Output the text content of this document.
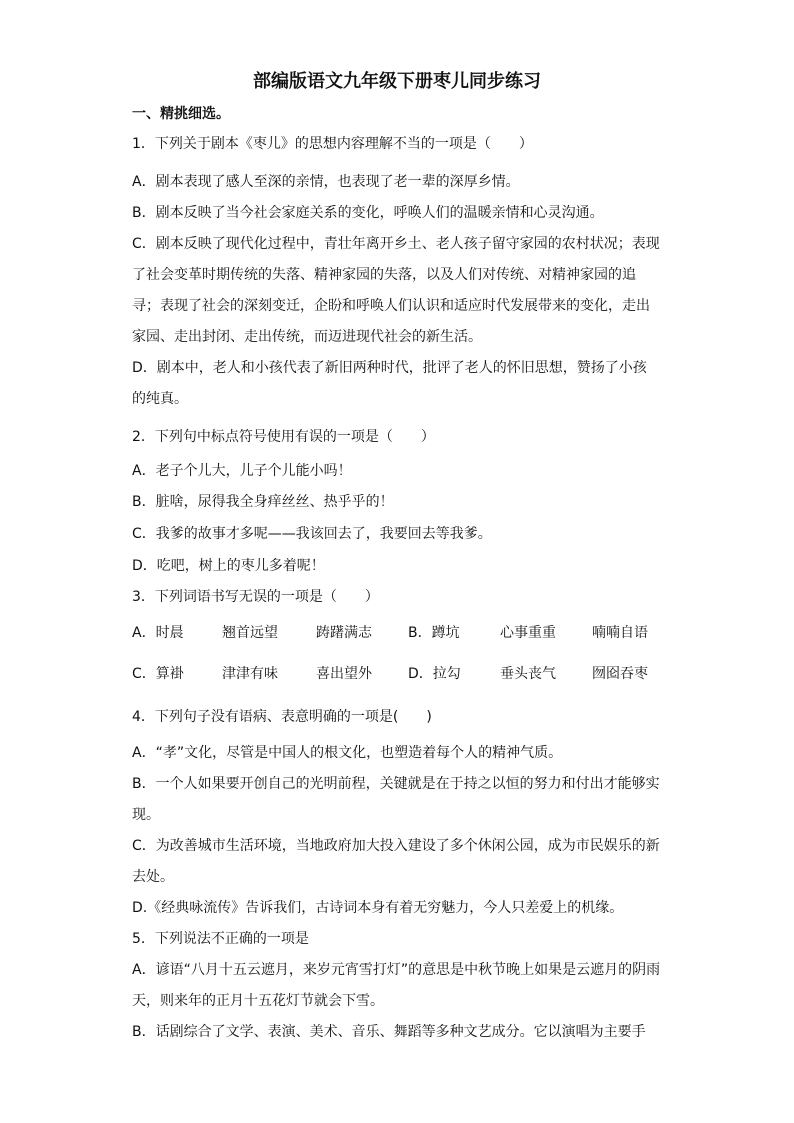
部编版语文九年级下册枣儿同步练习
一、精挑细选。
1．下列关于剧本《枣儿》的思想内容理解不当的一项是（　　）
A．剧本表现了感人至深的亲情，也表现了老一辈的深厚乡情。
B．剧本反映了当今社会家庭关系的变化，呼唤人们的温暖亲情和心灵沟通。
C．剧本反映了现代化过程中，青壮年离开乡土、老人孩子留守家园的农村状况；表现
了社会变革时期传统的失落、精神家园的失落，以及人们对传统、对精神家园的追
寻；表现了社会的深刻变迁，企盼和呼唤人们认识和适应时代发展带来的变化，走出
家园、走出封闭、走出传统，而迈进现代社会的新生活。
D．剧本中，老人和小孩代表了新旧两种时代，批评了老人的怀旧思想，赞扬了小孩
的纯真。
2．下列句中标点符号使用有误的一项是（　　）
A．老子个儿大，儿子个儿能小吗！
B．脏啥，尿得我全身痒丝丝、热乎乎的！
C．我爹的故事才多呢——我该回去了，我要回去等我爹。
D．吃吧，树上的枣儿多着呢！
3．下列词语书写无误的一项是（　　）
A．时晨	翘首远望	踌躇满志	B．蹲坑	心事重重	喃喃自语
C．算褂	津津有味	喜出望外	D．拉勾	垂头丧气	囫囵吞枣
4．下列句子没有语病、表意明确的一项是(　　)
A．“孝”文化，尽管是中国人的根文化，也塑造着每个人的精神气质。
B．一个人如果要开创自己的光明前程，关键就是在于持之以恒的努力和付出才能够实
现。
C．为改善城市生活环境，当地政府加大投入建设了多个休闲公园，成为市民娱乐的新
去处。
D.《经典咏流传》告诉我们，古诗词本身有着无穷魅力，今人只差爱上的机缘。
5．下列说法不正确的一项是
A．谚语“八月十五云遮月，来岁元宵雪打灯”的意思是中秋节晚上如果是云遮月的阴雨
天，则来年的正月十五花灯节就会下雪。
B．话剧综合了文学、表演、美术、音乐、舞蹈等多种文艺成分。它以演唱为主要手
